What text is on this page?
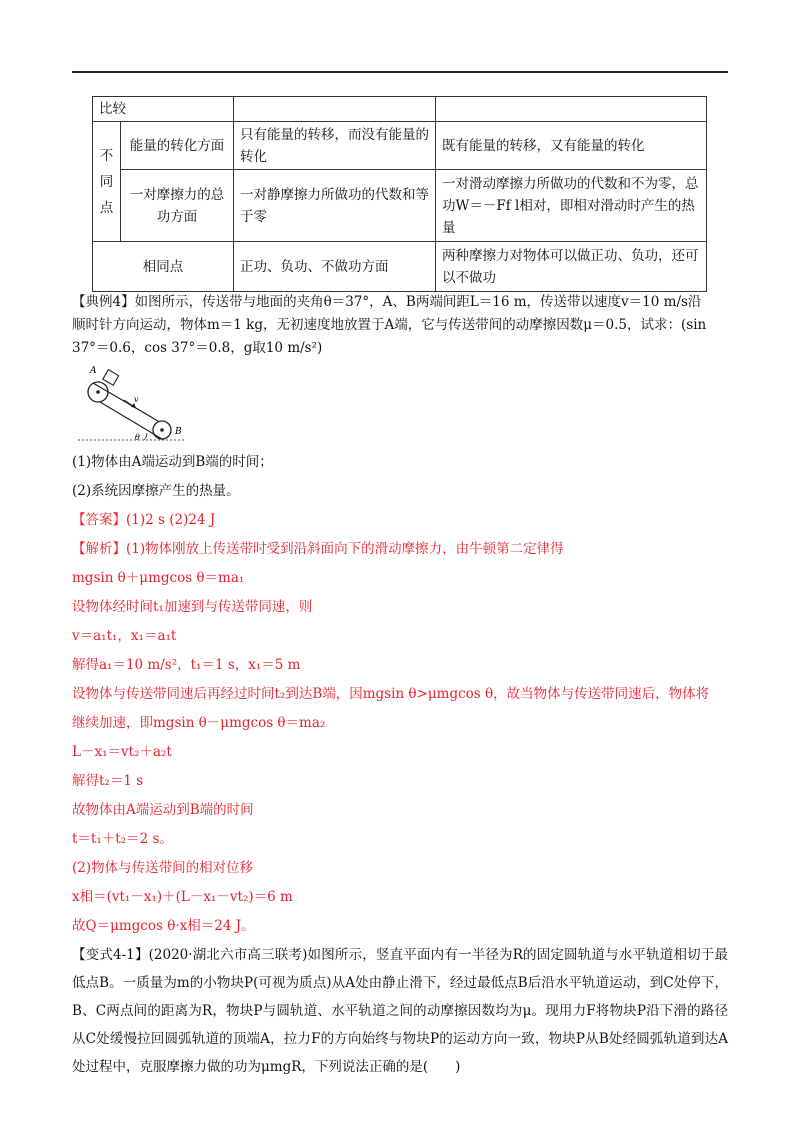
比较			
不同点	能量的转化方面	只有能量的转移，而没有能量的转化	既有能量的转移，又有能量的转化
	一对摩擦力的总功方面	一对静摩擦力所做功的代数和等于零	一对滑动摩擦力所做功的代数和不为零，总功W＝－Ff l相对，即相对滑动时产生的热量
相同点		正功、负功、不做功方面	两种摩擦力对物体可以做正功、负功，还可以不做功
【典例4】如图所示，传送带与地面的夹角θ＝37°，A、B两端间距L＝16 m，传送带以速度v＝10 m/s沿
顺时针方向运动，物体m＝1 kg，无初速度地放置于A端，它与传送带间的动摩擦因数μ＝0.5，试求：(sin
37°＝0.6，cos 37°＝0.8，g取10 m/s²)
A
B
v
θ
(1)物体由A端运动到B端的时间；
(2)系统因摩擦产生的热量。
【答案】(1)2 s (2)24 J
【解析】(1)物体刚放上传送带时受到沿斜面向下的滑动摩擦力，由牛顿第二定律得
mgsin θ＋μmgcos θ＝ma₁
设物体经时间t₁加速到与传送带同速，则
v＝a₁t₁，x₁＝a₁t
解得a₁＝10 m/s²，t₁＝1 s，x₁＝5 m
设物体与传送带同速后再经过时间t₂到达B端，因mgsin θ>μmgcos θ，故当物体与传送带同速后，物体将
继续加速，即mgsin θ－μmgcos θ＝ma₂
L－x₁＝vt₂＋a₂t
解得t₂＝1 s
故物体由A端运动到B端的时间
t＝t₁＋t₂＝2 s。
(2)物体与传送带间的相对位移
x相＝(vt₁－x₁)＋(L－x₁－vt₂)＝6 m
故Q＝μmgcos θ·x相＝24 J。
【变式4-1】(2020·湖北六市高三联考)如图所示，竖直平面内有一半径为R的固定圆轨道与水平轨道相切于最低点B。一质量为m的小物块P(可视为质点)从A处由静止滑下，经过最低点B后沿水平轨道运动，到C处停下，B、C两点间的距离为R，物块P与圆轨道、水平轨道之间的动摩擦因数均为μ。现用力F将物块P沿下滑的路径从C处缓慢拉回圆弧轨道的顶端A，拉力F的方向始终与物块P的运动方向一致，物块P从B处经圆弧轨道到达A处过程中，克服摩擦力做的功为μmgR，下列说法正确的是(　　)
